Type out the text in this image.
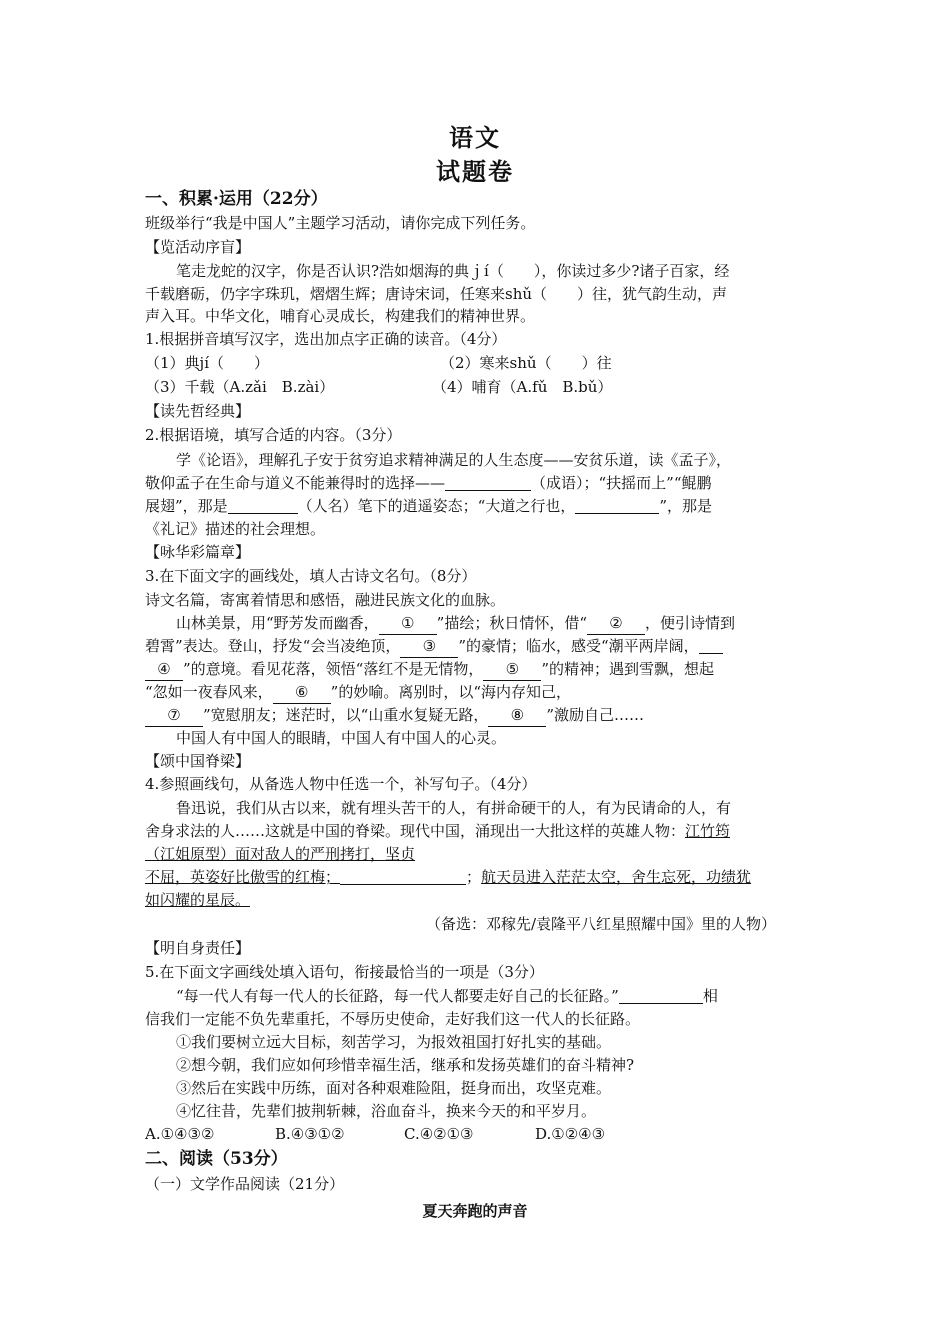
语文
试题卷
一、积累·运用（22分）
班级举行“我是中国人”主题学习活动，请你完成下列任务。
【览活动序盲】
笔走龙蛇的汉字，你是否认识?浩如烟海的典ｊí（　　），你读过多少?诸子百家，经
千载磨砺，仍字字珠玑，熠熠生辉；唐诗宋词，任寒来shǔ（　　）往，犹气韵生动，声
声入耳。中华文化，哺育心灵成长，构建我们的精神世界。
1.根据拼音填写汉字，选出加点字正确的读音。（4分）
（1）典jí（　　）	（2）寒来shǔ（　　）往
（3）千载（A.zǎi　B.zài）	（4）哺育（A.fǔ　B.bǔ）
【读先哲经典】
2.根据语境，填写合适的内容。（3分）
学《论语》，理解孔子安于贫穷追求精神满足的人生态度——安贫乐道，读《孟子》，
敬仰孟子在生命与道义不能兼得时的选择——	（成语）；“扶摇而上”“鲲鹏
展翅”，那是	（人名）笔下的逍遥姿态；“大道之行也，	”，那是
《礼记》描述的社会理想。
【咏华彩篇章】
3.在下面文字的画线处，填人古诗文名句。（8分）
诗文名篇，寄寓着情思和感悟，融进民族文化的血脉。
山林美景，用“野芳发而幽香， ① ”描绘；秋日情怀，借“ ② ，便引诗情到
碧霄”表达。登山，抒发“会当凌绝顶， ③ ”的豪情；临水，感受“潮平两岸阔，
④ ”的意境。看见花落，领悟“落红不是无情物， ⑤ ”的精神；遇到雪飘，想起
“忽如一夜春风来， ⑥ ”的妙喻。离别时，以“海内存知己，
⑦ ”宽慰朋友；迷茫时，以“山重水复疑无路， ⑧ ”激励自己……
中国人有中国人的眼睛，中国人有中国人的心灵。
【颂中国脊梁】
4.参照画线句，从备选人物中任选一个，补写句子。（4分）
鲁迅说，我们从古以来，就有埋头苦干的人，有拼命硬干的人，有为民请命的人，有
舍身求法的人……这就是中国的脊梁。现代中国，涌现出一大批这样的英雄人物：江竹筠
（江姐原型）面对敌人的严刑拷打，坚贞
不屈，英姿好比傲雪的红梅；	；航天员进入茫茫太空，舍生忘死，功绩犹
如闪耀的星辰。
（备选：邓稼先/袁隆平八红星照耀中国》里的人物）
【明自身责任】
5.在下面文字画线处填入语句，衔接最恰当的一项是（3分）
“每一代人有每一代人的长征路，每一代人都要走好自己的长征路。”	相
信我们一定能不负先辈重托，不辱历史使命，走好我们这一代人的长征路。
①我们要树立远大目标，刻苦学习，为报效祖国打好扎实的基础。
②想今朝，我们应如何珍惜幸福生活，继承和发扬英雄们的奋斗精神?
③然后在实践中历练，面对各种艰难险阻，挺身而出，攻坚克难。
④忆往昔，先辈们披荆斩棘，浴血奋斗，换来今天的和平岁月。
A.①④③②	B.④③①②	C.④②①③	D.①②④③
二、阅读（53分）
（一）文学作品阅读（21分）
夏天奔跑的声音
